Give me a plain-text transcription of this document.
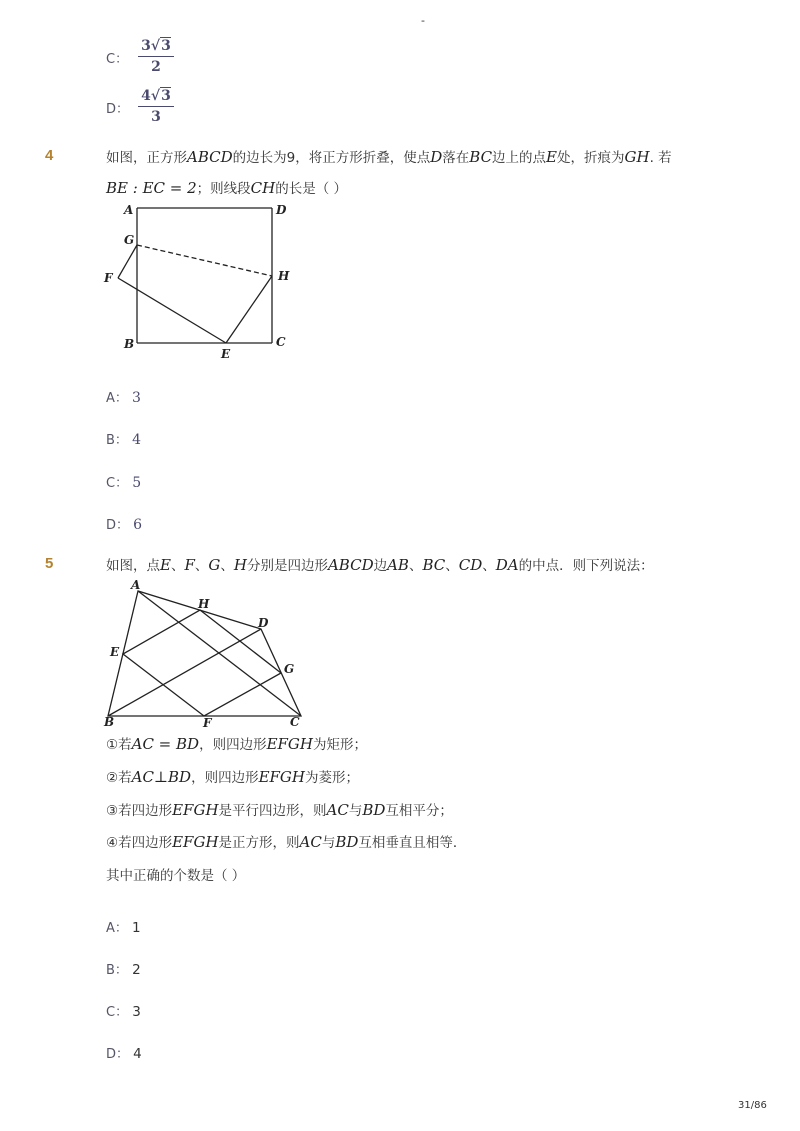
-
C：
3√3
2
D：
4√3
3
4	如图，正方形ABCD的边长为9，将正方形折叠，使点D落在BC边上的点E处，折痕为GH. 若
BE : EC = 2；则线段CH的长是（ ）
A	D
G
F	H
B
E
C
A： 3
B： 4
C： 5
D： 6
5	如图，点E、F、G、H分别是四边形ABCD边AB、BC、CD、DA的中点．则下列说法：
A
H
D
E
G
B	F	C
①若AC = BD，则四边形EFGH为矩形；
②若AC⊥BD，则四边形EFGH为菱形；
③若四边形EFGH是平行四边形，则AC与BD互相平分；
④若四边形EFGH是正方形，则AC与BD互相垂直且相等．
其中正确的个数是（ ）
A： 1
B： 2
C： 3
D： 4
31/86
